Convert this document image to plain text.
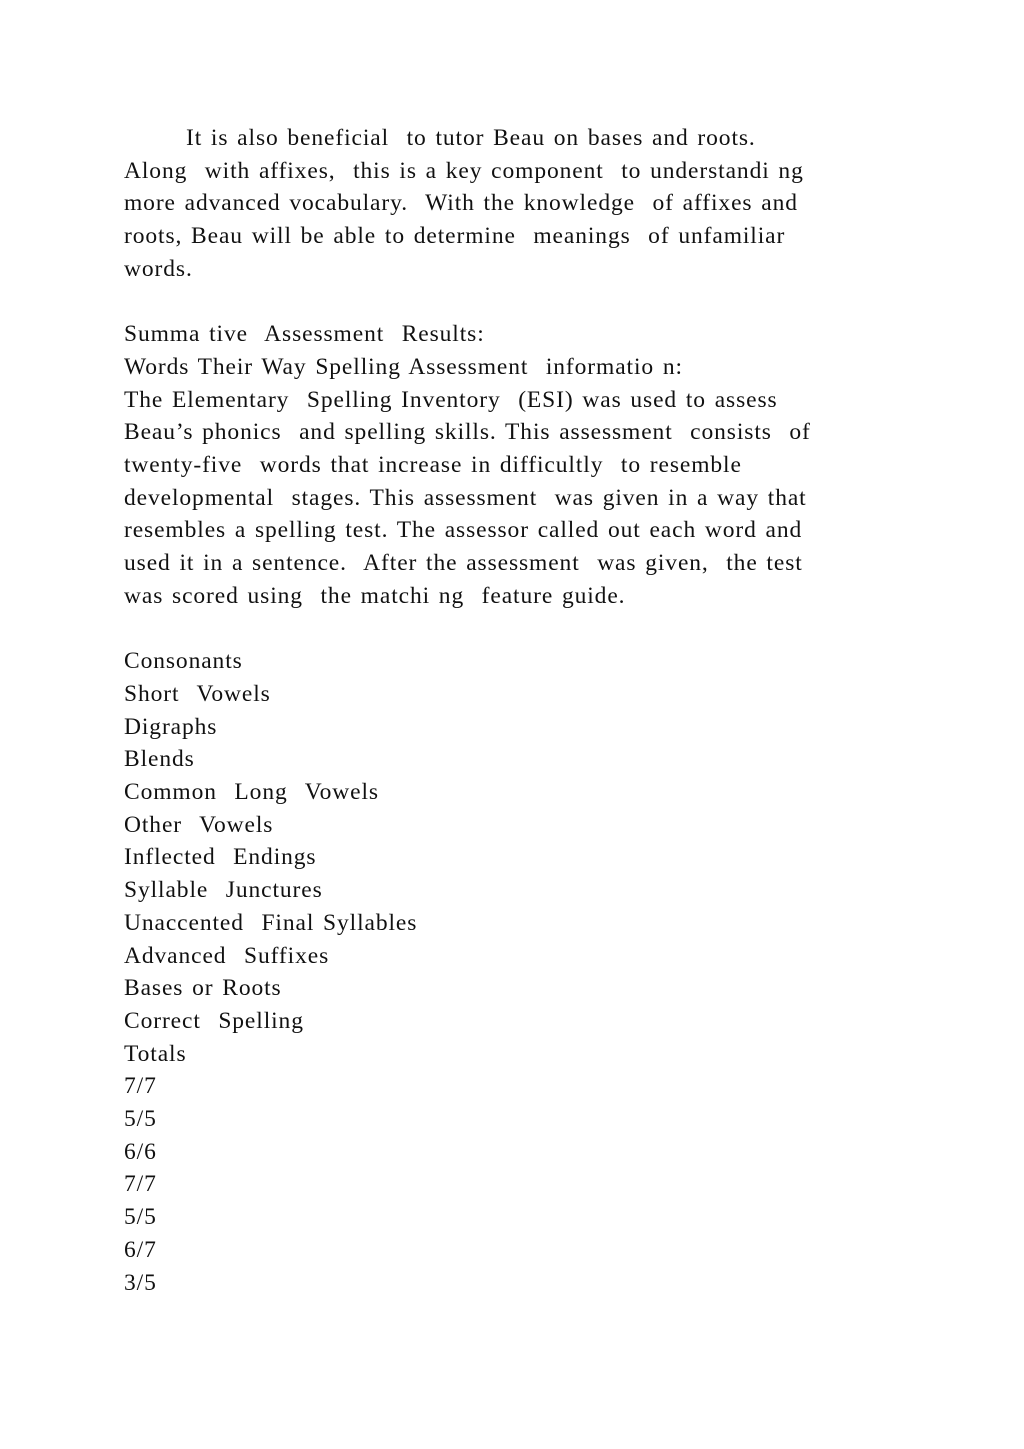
It is also beneficial  to tutor Beau on bases and roots.
Along  with affixes,  this is a key component  to understandi ng
more advanced vocabulary.  With the knowledge  of affixes and
roots, Beau will be able to determine  meanings  of unfamiliar
words.
Summa tive  Assessment  Results:
Words Their Way Spelling Assessment  informatio n:
The Elementary  Spelling Inventory  (ESI) was used to assess
Beau’s phonics  and spelling skills. This assessment  consists  of
twenty-five  words that increase in difficultly  to resemble
developmental  stages. This assessment  was given in a way that
resembles a spelling test. The assessor called out each word and
used it in a sentence.  After the assessment  was given,  the test
was scored using  the matchi ng  feature guide.
Consonants
Short  Vowels
Digraphs
Blends
Common  Long  Vowels
Other  Vowels
Inflected  Endings
Syllable  Junctures
Unaccented  Final Syllables
Advanced  Suffixes
Bases or Roots
Correct  Spelling
Totals
7/7
5/5
6/6
7/7
5/5
6/7
3/5
